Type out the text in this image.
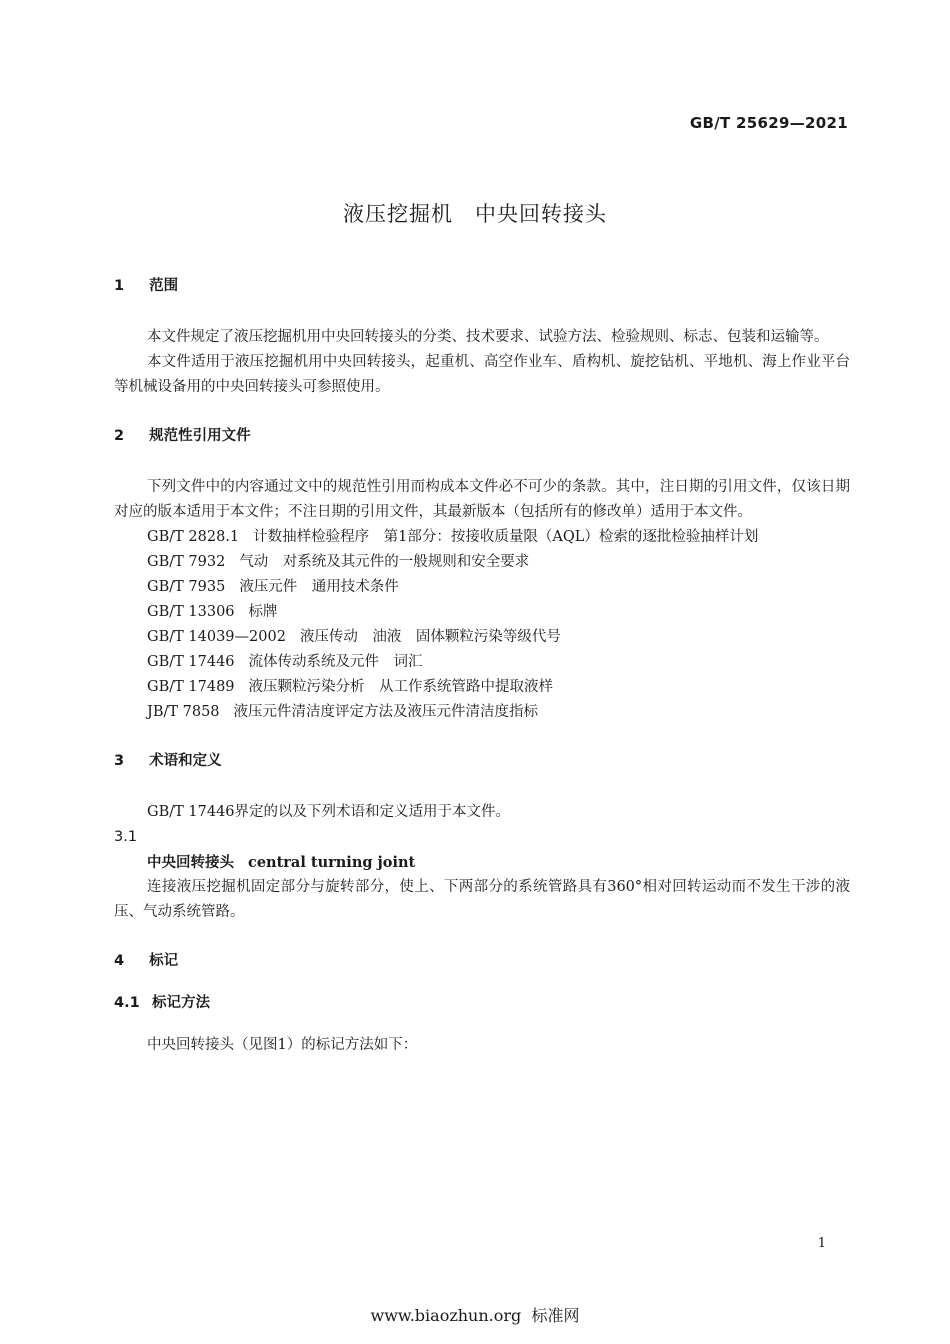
GB/T 25629—2021
液压挖掘机　中央回转接头
1 范围

本文件规定了液压挖掘机用中央回转接头的分类、技术要求、试验方法、检验规则、标志、包装和运输等。

本文件适用于液压挖掘机用中央回转接头，起重机、高空作业车、盾构机、旋挖钻机、平地机、海上作业平台等机械设备用的中央回转接头可参照使用。

2 规范性引用文件

下列文件中的内容通过文中的规范性引用而构成本文件必不可少的条款。其中，注日期的引用文件，仅该日期对应的版本适用于本文件；不注日期的引用文件，其最新版本（包括所有的修改单）适用于本文件。

GB/T 2828.1 计数抽样检验程序　第1部分：按接收质量限（AQL）检索的逐批检验抽样计划
GB/T 7932 气动　对系统及其元件的一般规则和安全要求
GB/T 7935 液压元件　通用技术条件
GB/T 13306 标牌
GB/T 14039—2002 液压传动　油液　固体颗粒污染等级代号
GB/T 17446 流体传动系统及元件　词汇
GB/T 17489 液压颗粒污染分析　从工作系统管路中提取液样
JB/T 7858 液压元件清洁度评定方法及液压元件清洁度指标
3 术语和定义

GB/T 17446界定的以及下列术语和定义适用于本文件。

3.1
中央回转接头 central turning joint

连接液压挖掘机固定部分与旋转部分，使上、下两部分的系统管路具有360°相对回转运动而不发生干涉的液压、气动系统管路。

4 标记
4.1 标记方法

中央回转接头（见图1）的标记方法如下：

1
www.biaozhun.org 标准网
